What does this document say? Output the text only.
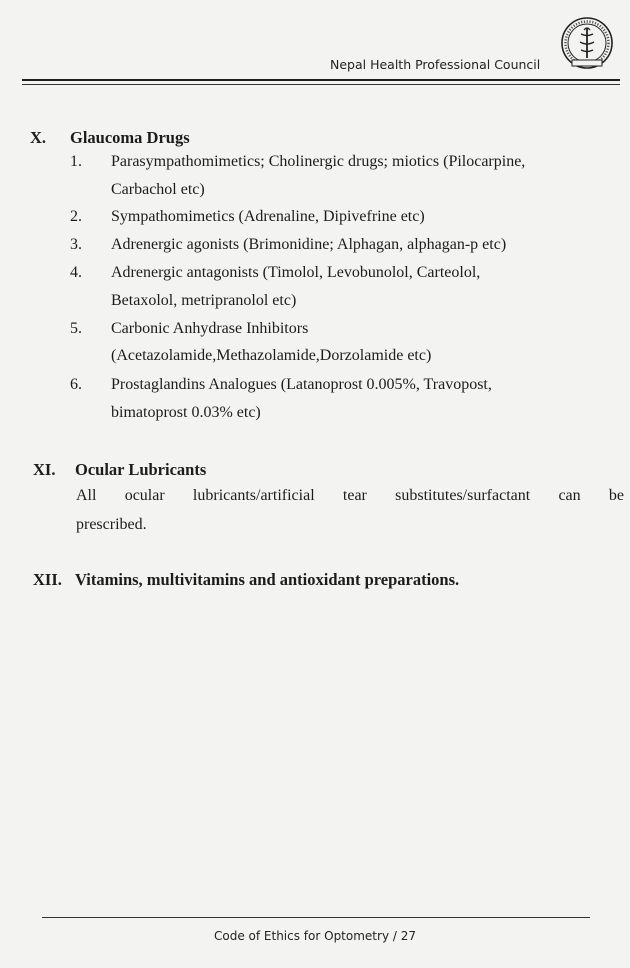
Nepal Health Professional Council
X. Glaucoma Drugs
1. Parasympathomimetics; Cholinergic drugs; miotics (Pilocarpine,
Carbachol etc)
2. Sympathomimetics (Adrenaline, Dipivefrine etc)
3. Adrenergic agonists (Brimonidine; Alphagan, alphagan-p etc)
4. Adrenergic antagonists (Timolol, Levobunolol, Carteolol,
Betaxolol, metripranolol etc)
5. Carbonic Anhydrase Inhibitors
(Acetazolamide,Methazolamide,Dorzolamide etc)
6. Prostaglandins Analogues (Latanoprost 0.005%, Travopost,
bimatoprost 0.03% etc)
XI. Ocular Lubricants
All ocular lubricants/artificial tear substitutes/surfactant can be
prescribed.
XII. Vitamins, multivitamins and antioxidant preparations.
Code of Ethics for Optometry / 27
